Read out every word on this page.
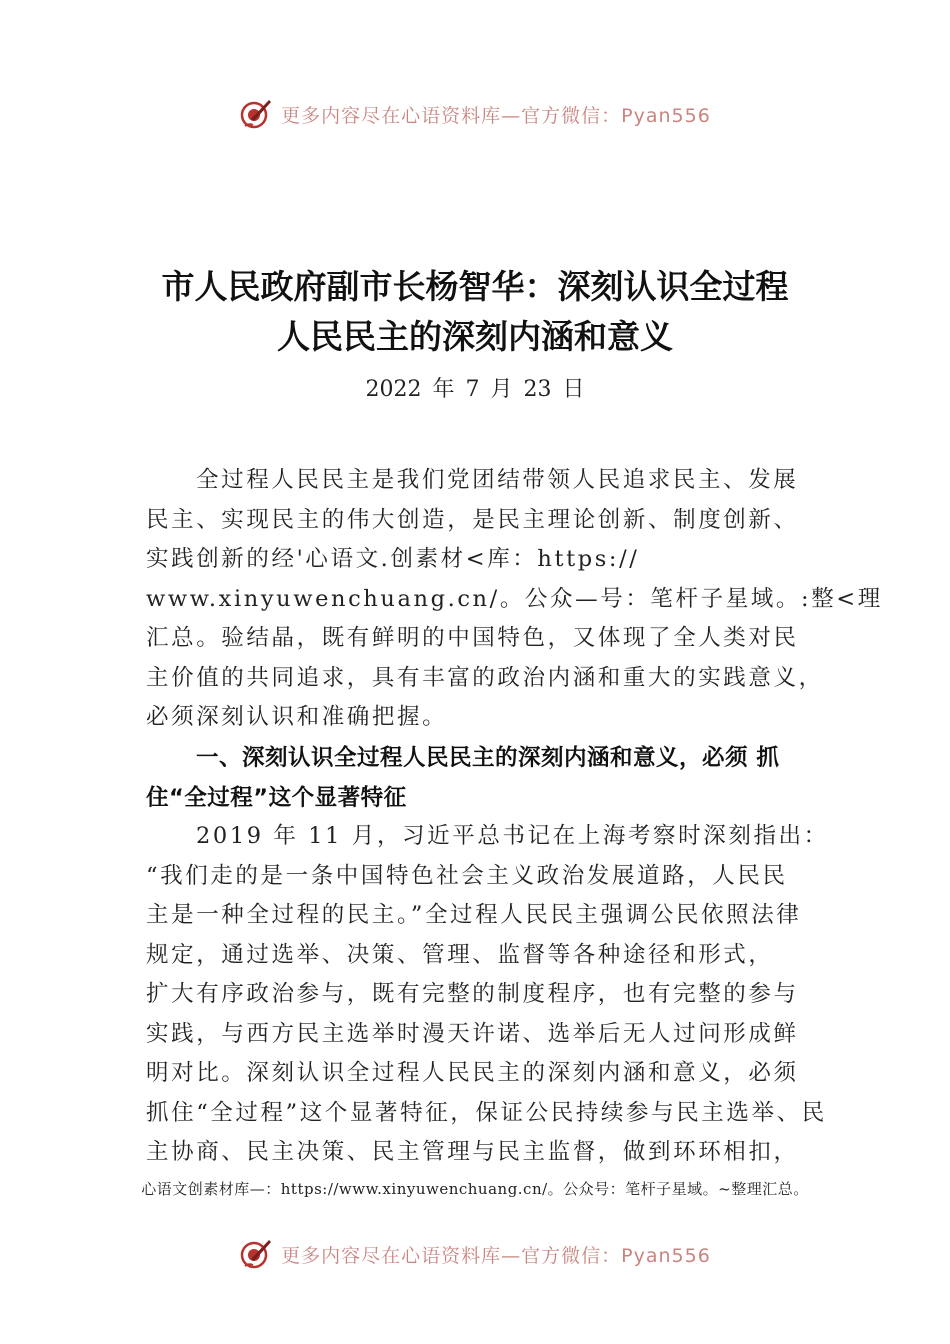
更多内容尽在心语资料库—官方微信：Pyan556
市人民政府副市长杨智华：深刻认识全过程
人民民主的深刻内涵和意义
2022 年 7 月 23 日
全过程人民民主是我们党团结带领人民追求民主、发展
民主、实现民主的伟大创造，是民主理论创新、制度创新、
实践创新的经'心语文.创素材<库：https://
www.xinyuwenchuang.cn/。公众—号：笔杆子星域。:整<理
汇总。验结晶，既有鲜明的中国特色，又体现了全人类对民
主价值的共同追求，具有丰富的政治内涵和重大的实践意义，
必须深刻认识和准确把握。
一、深刻认识全过程人民民主的深刻内涵和意义，必须 抓
住“全过程”这个显著特征
2019 年 11 月，习近平总书记在上海考察时深刻指出：
“我们走的是一条中国特色社会主义政治发展道路，人民民
主是一种全过程的民主。”全过程人民民主强调公民依照法律
规定，通过选举、决策、管理、监督等各种途径和形式，
扩大有序政治参与，既有完整的制度程序，也有完整的参与
实践，与西方民主选举时漫天许诺、选举后无人过问形成鲜
明对比。深刻认识全过程人民民主的深刻内涵和意义，必须
抓住“全过程”这个显著特征，保证公民持续参与民主选举、民
主协商、民主决策、民主管理与民主监督，做到环环相扣，
心语文创素材库—：https://www.xinyuwenchuang.cn/。公众号：笔杆子星域。~整理汇总。
更多内容尽在心语资料库—官方微信：Pyan556
